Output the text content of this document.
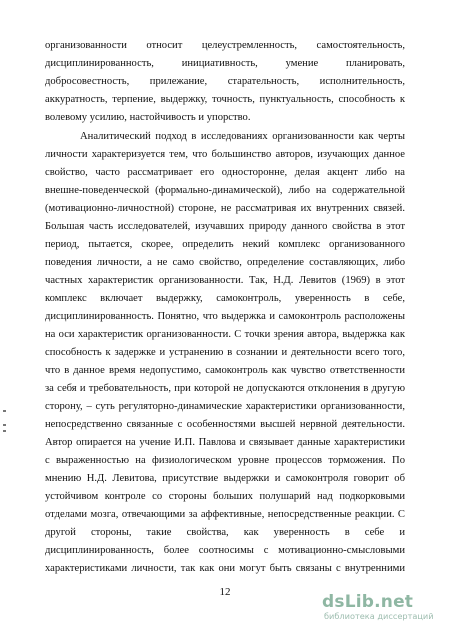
организованности относит целеустремленность, самостоятельность,
дисциплинированность, инициативность, умение планировать,
добросовестность, прилежание, старательность, исполнительность,
аккуратность, терпение, выдержку, точность, пунктуальность, способность к
волевому усилию, настойчивость и упорство.
Аналитический подход в исследованиях организованности как черты
личности характеризуется тем, что большинство авторов, изучающих данное
свойство, часто рассматривает его односторонне, делая акцент либо на
внешне-поведенческой (формально-динамической), либо на содержательной
(мотивационно-личностной) стороне, не рассматривая их внутренних связей.
Большая часть исследователей, изучавших природу данного свойства в этот
период, пытается, скорее, определить некий комплекс организованного
поведения личности, а не само свойство, определение составляющих, либо
частных характеристик организованности. Так, Н.Д. Левитов (1969) в этот
комплекс включает выдержку, самоконтроль, уверенность в себе,
дисциплинированность. Понятно, что выдержка и самоконтроль расположены
на оси характеристик организованности. С точки зрения автора, выдержка как
способность к задержке и устранению в сознании и деятельности всего того,
что в данное время недопустимо, самоконтроль как чувство ответственности
за себя и требовательность, при которой не допускаются отклонения в другую
сторону, – суть регуляторно-динамические характеристики организованности,
непосредственно связанные с особенностями высшей нервной деятельности.
Автор опирается на учение И.П. Павлова и связывает данные характеристики
с выраженностью на физиологическом уровне процессов торможения. По
мнению Н.Д. Левитова, присутствие выдержки и самоконтроля говорит об
устойчивом контроле со стороны больших полушарий над подкорковыми
отделами мозга, отвечающими за аффективные, непосредственные реакции. С
другой стороны, такие свойства, как уверенность в себе и
дисциплинированность, более соотносимы с мотивационно-смысловыми
характеристиками личности, так как они могут быть связаны с внутренними
12	dsLib.net
библиотека диссертаций
